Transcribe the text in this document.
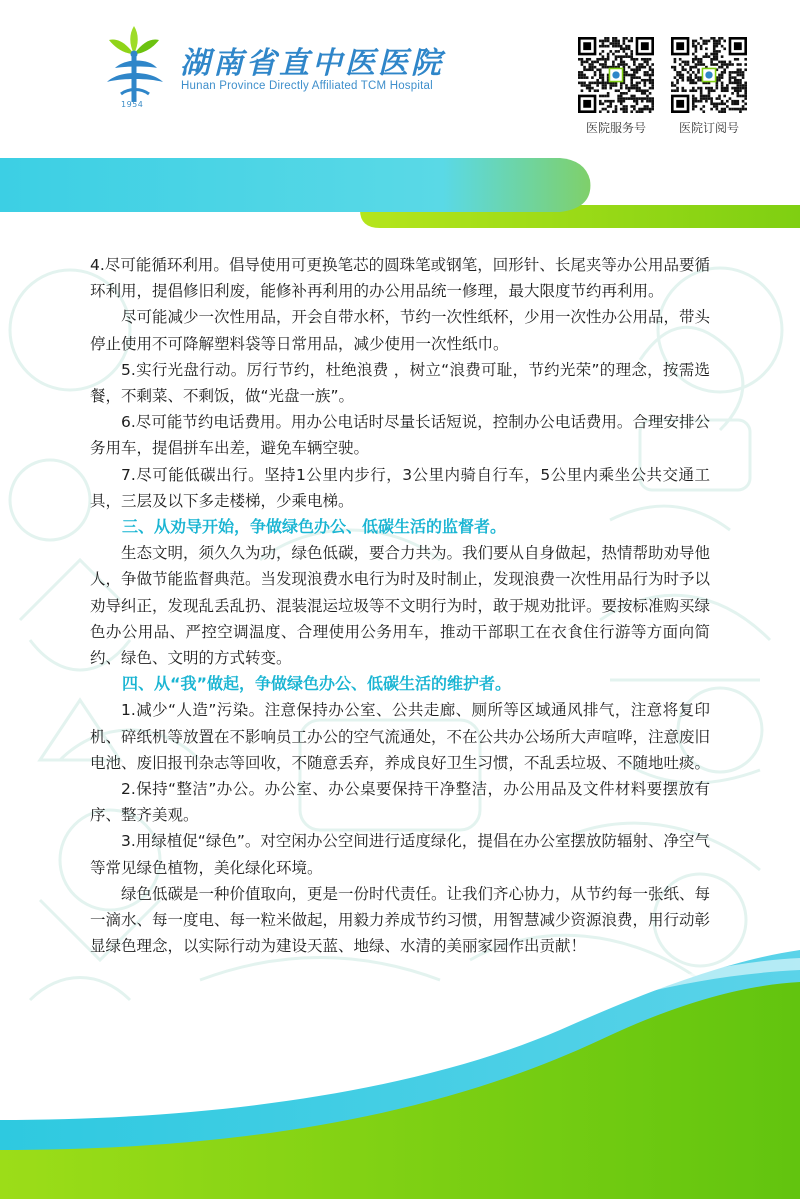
1954
湖南省直中医医院
Hunan Province Directly Affiliated TCM Hospital
医院服务号	医院订阅号

4.尽可能循环利用。倡导使用可更换笔芯的圆珠笔或钢笔，回形针、长尾夹等办公用品要循环利用，提倡修旧利废，能修补再利用的办公用品统一修理，最大限度节约再利用。

尽可能减少一次性用品，开会自带水杯，节约一次性纸杯，少用一次性办公用品，带头停止使用不可降解塑料袋等日常用品，减少使用一次性纸巾。

5.实行光盘行动。厉行节约，杜绝浪费 ，树立“浪费可耻，节约光荣”的理念，按需选餐，不剩菜、不剩饭，做“光盘一族”。

6.尽可能节约电话费用。用办公电话时尽量长话短说，控制办公电话费用。合理安排公务用车，提倡拼车出差，避免车辆空驶。

7.尽可能低碳出行。坚持1公里内步行，3公里内骑自行车，5公里内乘坐公共交通工具，三层及以下多走楼梯，少乘电梯。

三、从劝导开始，争做绿色办公、低碳生活的监督者。

生态文明，须久久为功，绿色低碳，要合力共为。我们要从自身做起，热情帮助劝导他人，争做节能监督典范。当发现浪费水电行为时及时制止，发现浪费一次性用品行为时予以劝导纠正，发现乱丢乱扔、混装混运垃圾等不文明行为时，敢于规劝批评。要按标准购买绿色办公用品、严控空调温度、合理使用公务用车，推动干部职工在衣食住行游等方面向简约、绿色、文明的方式转变。

四、从“我”做起，争做绿色办公、低碳生活的维护者。

1.减少“人造”污染。注意保持办公室、公共走廊、厕所等区域通风排气，注意将复印机、碎纸机等放置在不影响员工办公的空气流通处，不在公共办公场所大声喧哗，注意废旧电池、废旧报刊杂志等回收，不随意丢弃，养成良好卫生习惯，不乱丢垃圾、不随地吐痰。

2.保持“整洁”办公。办公室、办公桌要保持干净整洁，办公用品及文件材料要摆放有序、整齐美观。

3.用绿植促“绿色”。对空闲办公空间进行适度绿化，提倡在办公室摆放防辐射、净空气等常见绿色植物，美化绿化环境。

绿色低碳是一种价值取向，更是一份时代责任。让我们齐心协力，从节约每一张纸、每一滴水、每一度电、每一粒米做起，用毅力养成节约习惯，用智慧减少资源浪费，用行动彰显绿色理念，以实际行动为建设天蓝、地绿、水清的美丽家园作出贡献！
